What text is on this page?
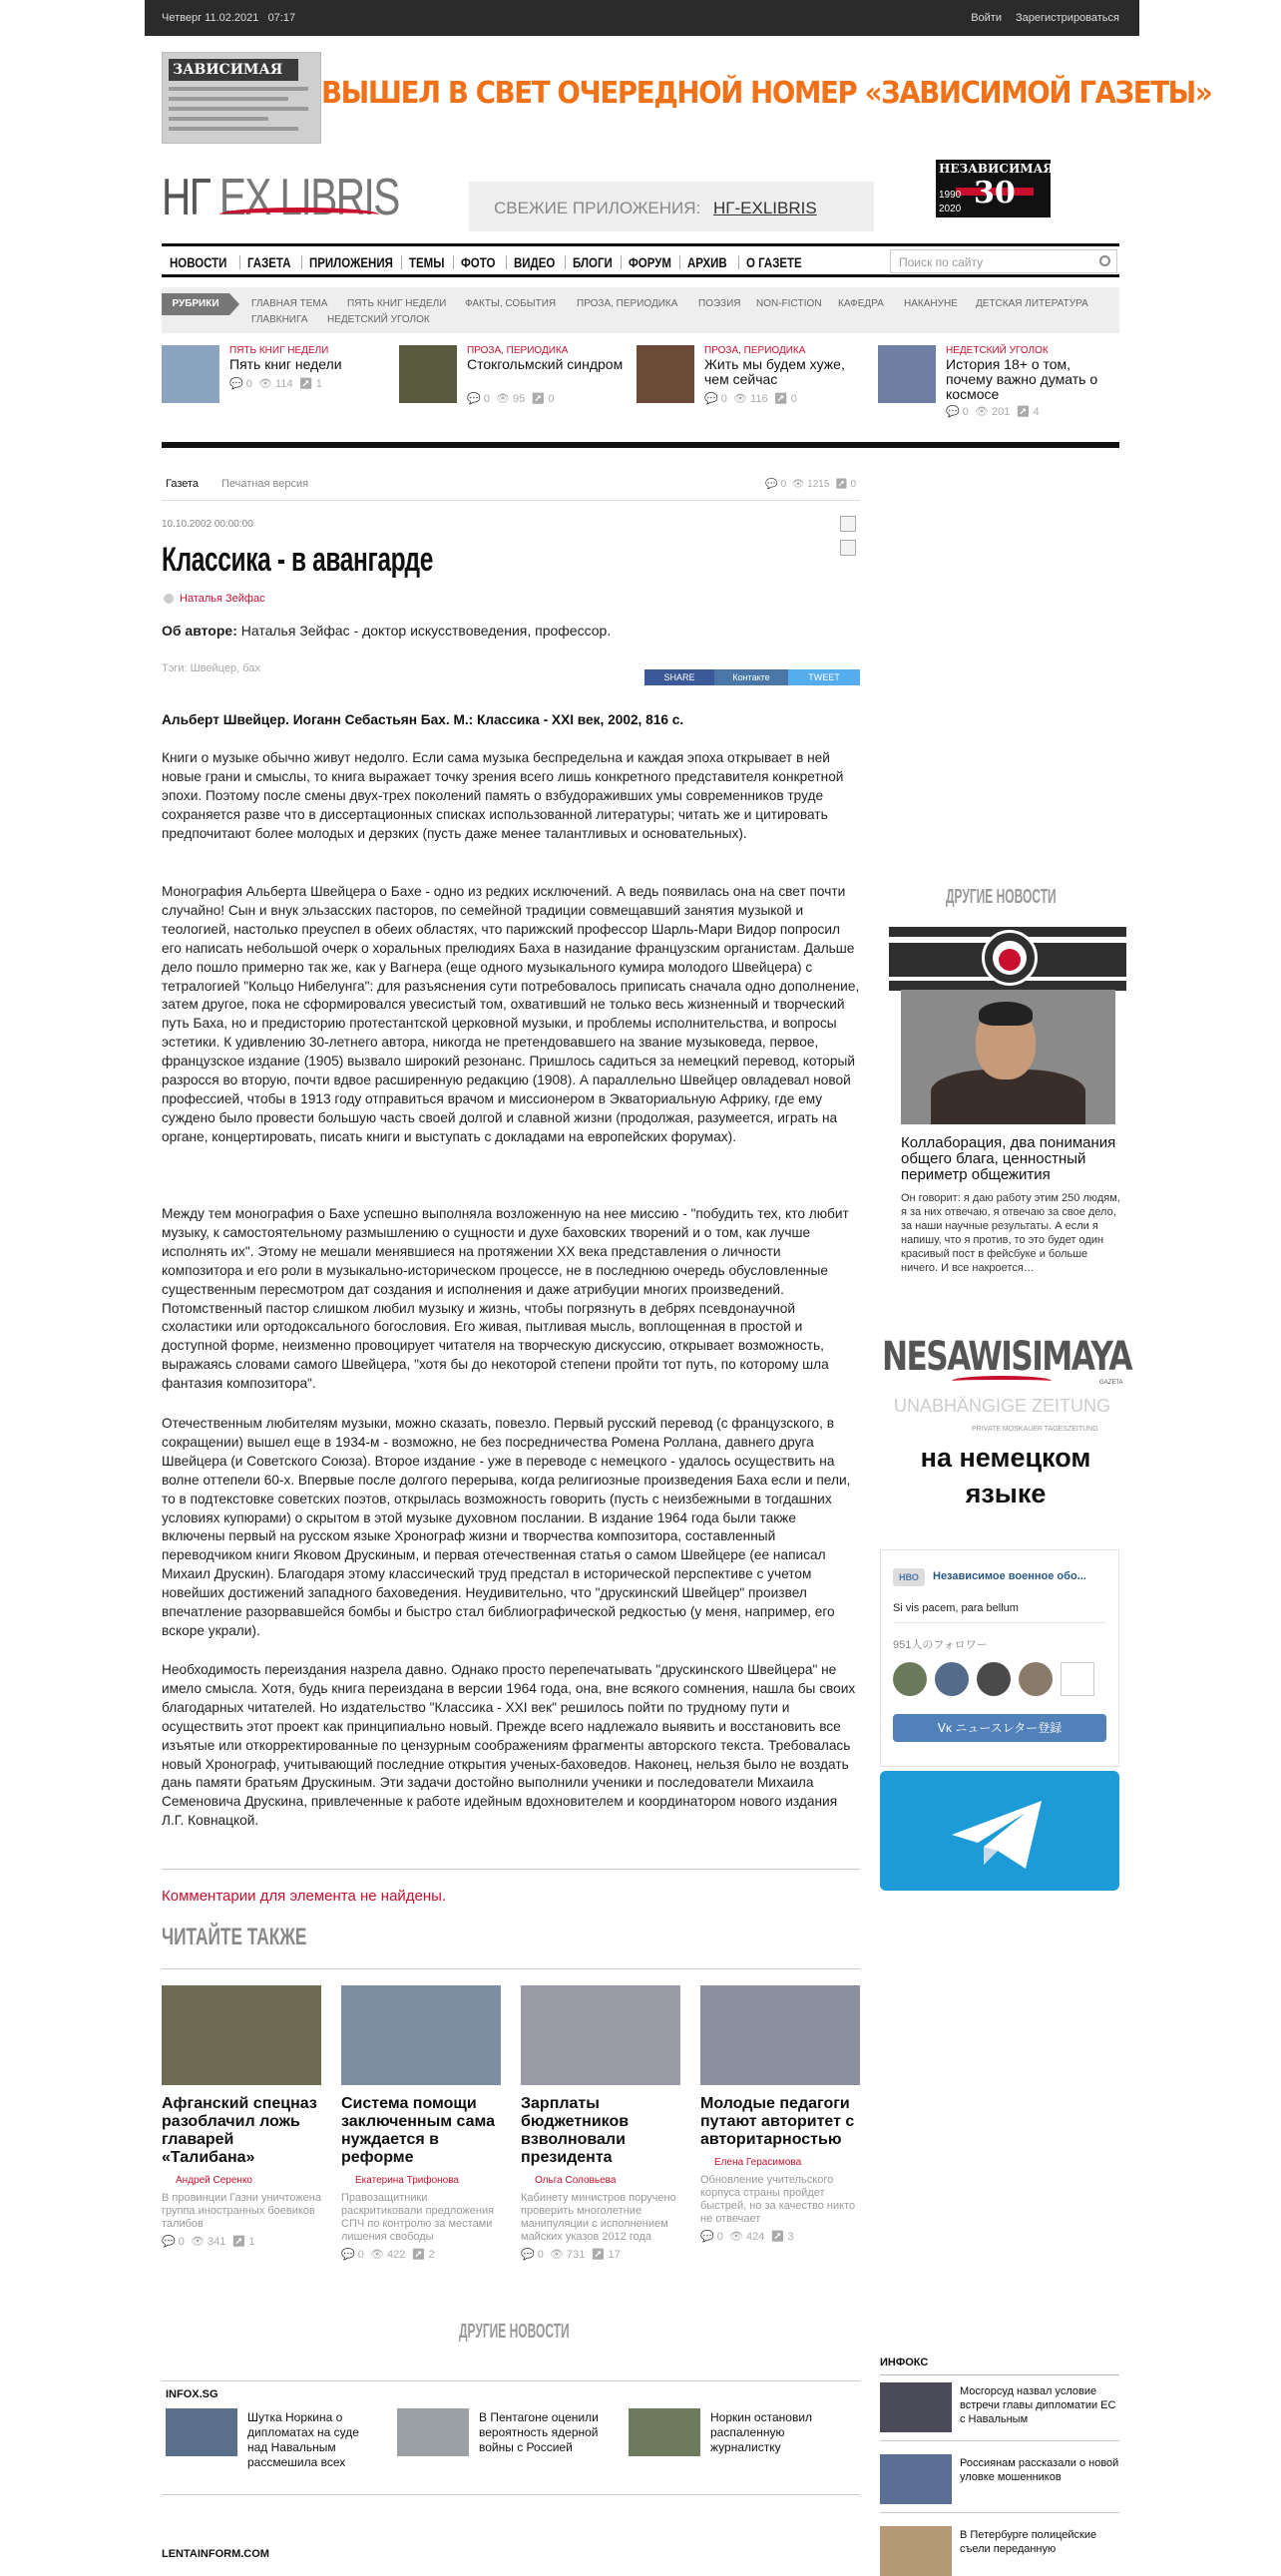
Четверг 11.02.2021 07:17	Войти Зарегистрироваться
ЗАВИСИМАЯ
ВЫШЕЛ В СВЕТ ОЧЕРЕДНОЙ НОМЕР «ЗАВИСИМОЙ ГАЗЕТЫ»
НГ EX LIBRIS	СВЕЖИЕ ПРИЛОЖЕНИЯ: НГ-EXLIBRIS
НЕЗАВИСИМАЯ
30
1990
2020
НОВОСТИ ГАЗЕТА ПРИЛОЖЕНИЯ ТЕМЫ ФОТО ВИДЕО БЛОГИ ФОРУМ АРХИВ О ГАЗЕТЕ	Поиск по сайту
РУБРИКИ	ГЛАВНАЯ ТЕМА ПЯТЬ КНИГ НЕДЕЛИ ФАКТЫ, СОБЫТИЯ ПРОЗА, ПЕРИОДИКА ПОЭЗИЯ NON-FICTION КАФЕДРА НАКАНУНЕ ДЕТСКАЯ ЛИТЕРАТУРА
ГЛАВКНИГА НЕДЕТСКИЙ УГОЛОК
ПЯТЬ КНИГ НЕДЕЛИ
Пять книг недели
💬 0  👁 114  ↗ 1
ПРОЗА, ПЕРИОДИКА
Стокгольмский синдром
💬 0  👁 95  ↗ 0
ПРОЗА, ПЕРИОДИКА
Жить мы будем хуже, чем сейчас
💬 0  👁 116  ↗ 0
НЕДЕТСКИЙ УГОЛОК
История 18+ о том, почему важно думать о космосе
💬 0  👁 201  ↗ 4
Газета Печатная версия	💬 0  👁 1215  ↗ 0
10.10.2002 00:00:00
Классика - в авангарде
Наталья Зейфас
Об авторе: Наталья Зейфас - доктор искусствоведения, профессор.
Тэги: Швейцер, бах
SHARE	Контакте	TWEET
Альберт Швейцер. Иоганн Себастьян Бах. М.: Классика - XXI век, 2002, 816 с.

Книги о музыке обычно живут недолго. Если сама музыка беспредельна и каждая эпоха открывает в ней новые грани и смыслы, то книга выражает точку зрения всего лишь конкретного представителя конкретной эпохи. Поэтому после смены двух-трех поколений память о взбудораживших умы современников труде сохраняется разве что в диссертационных списках использованной литературы; читать же и цитировать предпочитают более молодых и дерзких (пусть даже менее талантливых и основательных).

Монография Альберта Швейцера о Бахе - одно из редких исключений. А ведь появилась она на свет почти случайно! Сын и внук эльзасских пасторов, по семейной традиции совмещавший занятия музыкой и теологией, настолько преуспел в обеих областях, что парижский профессор Шарль-Мари Видор попросил его написать небольшой очерк о хоральных прелюдиях Баха в назидание французским органистам. Дальше дело пошло примерно так же, как у Вагнера (еще одного музыкального кумира молодого Швейцера) с тетралогией "Кольцо Нибелунга": для разъяснения сути потребовалось приписать сначала одно дополнение, затем другое, пока не сформировался увесистый том, охвативший не только весь жизненный и творческий путь Баха, но и предисторию протестантской церковной музыки, и проблемы исполнительства, и вопросы эстетики. К удивлению 30-летнего автора, никогда не претендовавшего на звание музыковеда, первое, французское издание (1905) вызвало широкий резонанс. Пришлось садиться за немецкий перевод, который разросся во вторую, почти вдвое расширенную редакцию (1908). А параллельно Швейцер овладевал новой профессией, чтобы в 1913 году отправиться врачом и миссионером в Экваториальную Африку, где ему суждено было провести большую часть своей долгой и славной жизни (продолжая, разумеется, играть на органе, концертировать, писать книги и выступать с докладами на европейских форумах).

Между тем монография о Бахе успешно выполняла возложенную на нее миссию - "побудить тех, кто любит музыку, к самостоятельному размышлению о сущности и духе баховских творений и о том, как лучше исполнять их". Этому не мешали менявшиеся на протяжении XX века представления о личности композитора и его роли в музыкально-историческом процессе, не в последнюю очередь обусловленные существенным пересмотром дат создания и исполнения и даже атрибуции многих произведений. Потомственный пастор слишком любил музыку и жизнь, чтобы погрязнуть в дебрях псевдонаучной схоластики или ортодоксального богословия. Его живая, пытливая мысль, воплощенная в простой и доступной форме, неизменно провоцирует читателя на творческую дискуссию, открывает возможность, выражаясь словами самого Швейцера, "хотя бы до некоторой степени пройти тот путь, по которому шла фантазия композитора".

Отечественным любителям музыки, можно сказать, повезло. Первый русский перевод (с французского, в сокращении) вышел еще в 1934-м - возможно, не без посредничества Ромена Роллана, давнего друга Швейцера (и Советского Союза). Второе издание - уже в переводе с немецкого - удалось осуществить на волне оттепели 60-х. Впервые после долгого перерыва, когда религиозные произведения Баха если и пели, то в подтекстовке советских поэтов, открылась возможность говорить (пусть с неизбежными в тогдашних условиях купюрами) о скрытом в этой музыке духовном послании. В издание 1964 года были также включены первый на русском языке Хронограф жизни и творчества композитора, составленный переводчиком книги Яковом Друскиным, и первая отечественная статья о самом Швейцере (ее написал Михаил Друскин). Благодаря этому классический труд предстал в исторической перспективе с учетом новейших достижений западного баховедения. Неудивительно, что "друскинский Швейцер" произвел впечатление разорвавшейся бомбы и быстро стал библиографической редкостью (у меня, например, его вскоре украли).

Необходимость переиздания назрела давно. Однако просто перепечатывать "друскинского Швейцера" не имело смысла. Хотя, будь книга переиздана в версии 1964 года, она, вне всякого сомнения, нашла бы своих благодарных читателей. Но издательство "Классика - XXI век" решилось пойти по трудному пути и осуществить этот проект как принципиально новый. Прежде всего надлежало выявить и восстановить все изъятые или откорректированные по цензурным соображениям фрагменты авторского текста. Требовалась новый Хронограф, учитывающий последние открытия ученых-баховедов. Наконец, нельзя было не воздать дань памяти братьям Друскиным. Эти задачи достойно выполнили ученики и последователи Михаила Семеновича Друскина, привлеченные к работе идейным вдохновителем и координатором нового издания Л.Г. Ковнацкой.

Комментарии для элемента не найдены.
ЧИТАЙТЕ ТАКЖЕ
Афганский спецназ разоблачил ложь главарей «Талибана»
Андрей Серенко
В провинции Газни уничтожена группа иностранных боевиков талибов
💬 0  👁 341  ↗ 1
Система помощи заключенным сама нуждается в реформе
Екатерина Трифонова
Правозащитники раскритиковали предложения СПЧ по контролю за местами лишения свободы
💬 0  👁 422  ↗ 2
Зарплаты бюджетников взволновали президента
Ольга Соловьева
Кабинету министров поручено проверить многолетние манипуляции с исполнением майских указов 2012 года
💬 0  👁 731  ↗ 17
Молодые педагоги путают авторитет с авторитарностью
Елена Герасимова
Обновление учительского корпуса страны пройдет быстрей, но за качество никто не отвечает
💬 0  👁 424  ↗ 3
ДРУГИЕ НОВОСТИ
INFOX.SG
Шутка Норкина о дипломатах на суде над Навальным рассмешила всех
В Пентагоне оценили вероятность ядерной войны с Россией
Норкин остановил распаленную журналистку
LENTAINFORM.COM
ДРУГИЕ НОВОСТИ
Коллаборация, два понимания общего блага, ценностный периметр общежития
Он говорит: я даю работу этим 250 людям, я за них отвечаю, я отвечаю за свое дело, за наши научные результаты. А если я напишу, что я против, то это будет один красивый пост в фейсбуке и больше ничего. И все накроется…
NESAWISIMAYA
GAZETA
UNABHÄNGIGE ZEITUNG
PRIVATE MOSKAUER TAGESZEITUNG
на немецком языке
НВО	Независимое военное обо...
Si vis pacem, para bellum
951人のフォロワー
ᐯᴋ ニュースレター登録
ИНФОКС
Мосгорсуд назвал условие встречи главы дипломатии ЕС с Навальным
Россиянам рассказали о новой уловке мошенников
В Петербурге полицейские съели переданную
